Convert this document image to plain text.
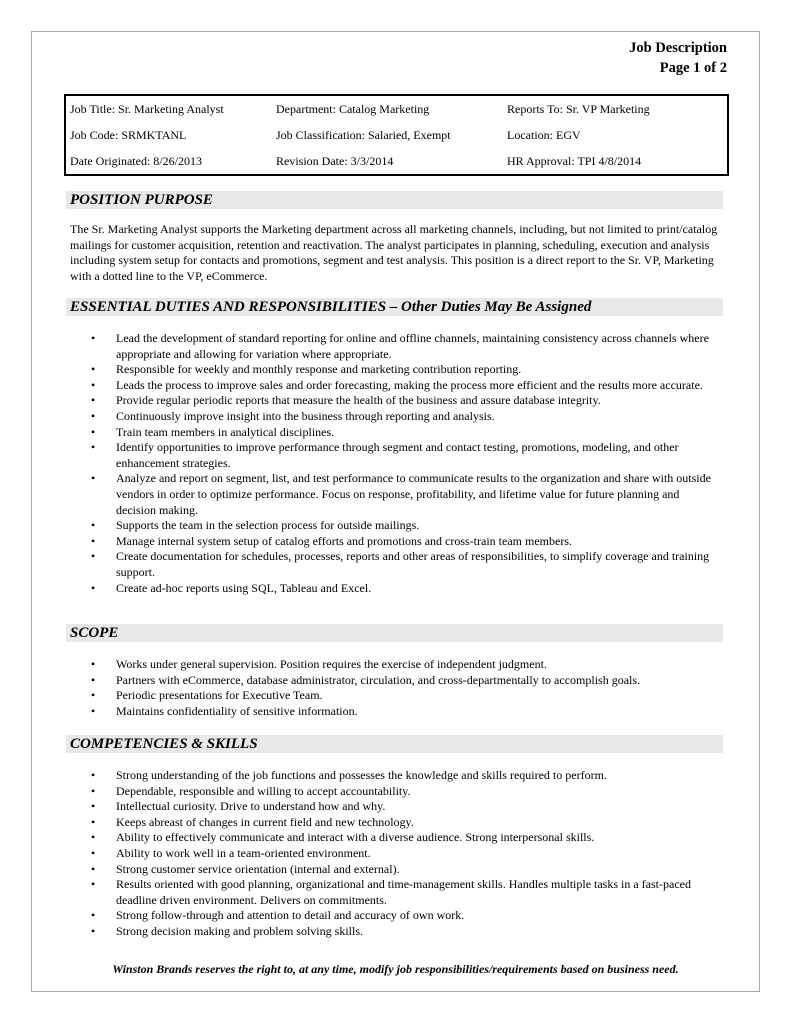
Job Description
Page 1 of 2
Job Title: Sr. Marketing Analyst	Department: Catalog Marketing	Reports To: Sr. VP Marketing
Job Code: SRMKTANL	Job Classification: Salaried, Exempt	Location: EGV
Date Originated: 8/26/2013	Revision Date: 3/3/2014	HR Approval: TPI 4/8/2014
POSITION PURPOSE
The Sr. Marketing Analyst supports the Marketing department across all marketing channels, including, but not limited to print/catalog mailings for customer acquisition, retention and reactivation. The analyst participates in planning, scheduling, execution and analysis including system setup for contacts and promotions, segment and test analysis. This position is a direct report to the Sr. VP, Marketing with a dotted line to the VP, eCommerce.
ESSENTIAL DUTIES AND RESPONSIBILITIES – Other Duties May Be Assigned
• Lead the development of standard reporting for online and offline channels, maintaining consistency across channels where appropriate and allowing for variation where appropriate.
• Responsible for weekly and monthly response and marketing contribution reporting.
• Leads the process to improve sales and order forecasting, making the process more efficient and the results more accurate.
• Provide regular periodic reports that measure the health of the business and assure database integrity.
• Continuously improve insight into the business through reporting and analysis.
• Train team members in analytical disciplines.
• Identify opportunities to improve performance through segment and contact testing, promotions, modeling, and other enhancement strategies.
• Analyze and report on segment, list, and test performance to communicate results to the organization and share with outside vendors in order to optimize performance. Focus on response, profitability, and lifetime value for future planning and decision making.
• Supports the team in the selection process for outside mailings.
• Manage internal system setup of catalog efforts and promotions and cross-train team members.
• Create documentation for schedules, processes, reports and other areas of responsibilities, to simplify coverage and training support.
• Create ad-hoc reports using SQL, Tableau and Excel.
SCOPE
• Works under general supervision. Position requires the exercise of independent judgment.
• Partners with eCommerce, database administrator, circulation, and cross-departmentally to accomplish goals.
• Periodic presentations for Executive Team.
• Maintains confidentiality of sensitive information.
COMPETENCIES & SKILLS
• Strong understanding of the job functions and possesses the knowledge and skills required to perform.
• Dependable, responsible and willing to accept accountability.
• Intellectual curiosity. Drive to understand how and why.
• Keeps abreast of changes in current field and new technology.
• Ability to effectively communicate and interact with a diverse audience. Strong interpersonal skills.
• Ability to work well in a team-oriented environment.
• Strong customer service orientation (internal and external).
• Results oriented with good planning, organizational and time-management skills. Handles multiple tasks in a fast-paced deadline driven environment. Delivers on commitments.
• Strong follow-through and attention to detail and accuracy of own work.
• Strong decision making and problem solving skills.
Winston Brands reserves the right to, at any time, modify job responsibilities/requirements based on business need.
